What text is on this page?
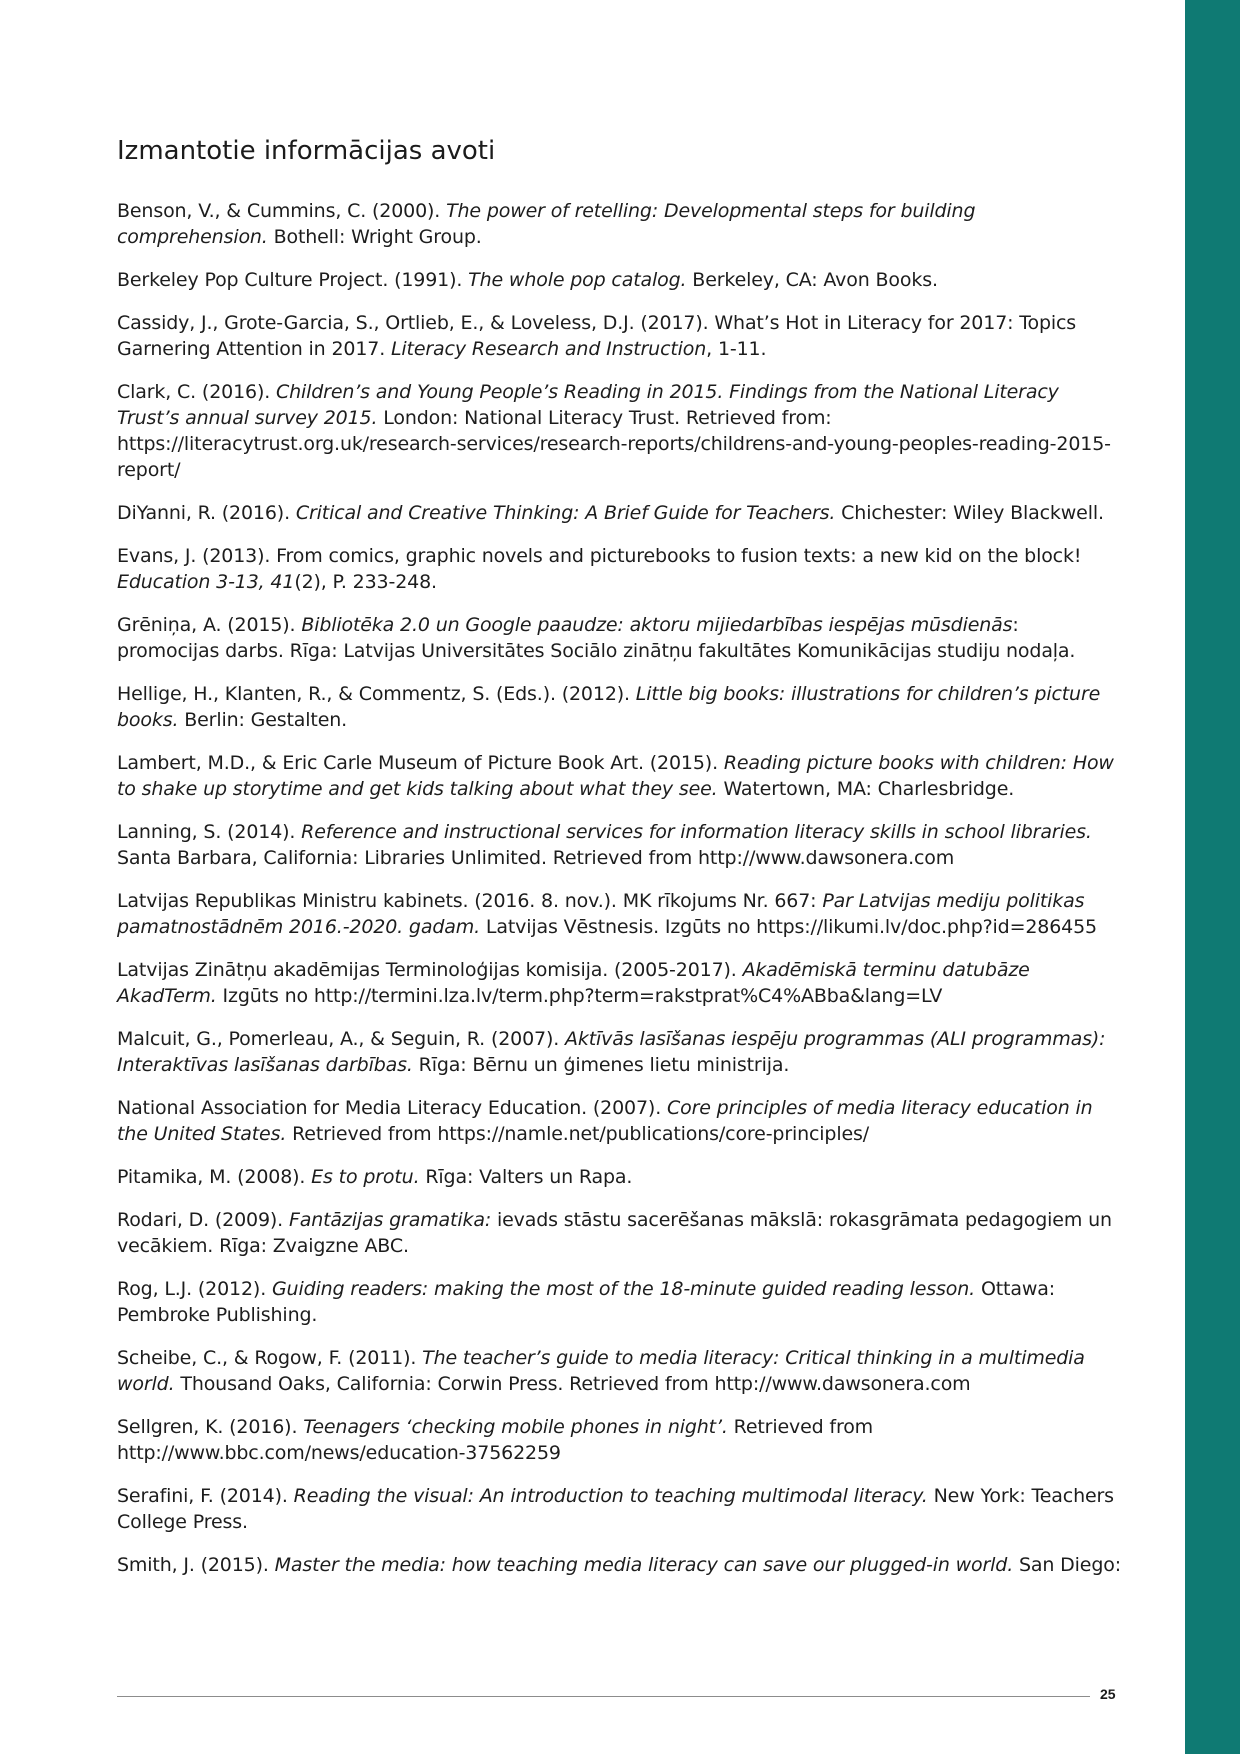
Izmantotie informācijas avoti
Benson, V., & Cummins, C. (2000). The power of retelling: Developmental steps for building comprehension. Bothell: Wright Group.
Berkeley Pop Culture Project. (1991). The whole pop catalog. Berkeley, CA: Avon Books.
Cassidy, J., Grote-Garcia, S., Ortlieb, E., & Loveless, D.J. (2017). What’s Hot in Literacy for 2017: Topics Garnering Attention in 2017. Literacy Research and Instruction, 1-11.
Clark, C. (2016). Children’s and Young People’s Reading in 2015. Findings from the National Literacy Trust’s annual survey 2015. London: National Literacy Trust. Retrieved from: https://literacytrust.org.uk/research-services/research-reports/childrens-and-young-peoples-reading-2015-report/
DiYanni, R. (2016). Critical and Creative Thinking: A Brief Guide for Teachers. Chichester: Wiley Blackwell.
Evans, J. (2013). From comics, graphic novels and picturebooks to fusion texts: a new kid on the block! Education 3-13, 41(2), P. 233-248.
Grēniņa, A. (2015). Bibliotēka 2.0 un Google paaudze: aktoru mijiedarbības iespējas mūsdienās: promocijas darbs. Rīga: Latvijas Universitātes Sociālo zinātņu fakultātes Komunikācijas studiju nodaļa.
Hellige, H., Klanten, R., & Commentz, S. (Eds.). (2012). Little big books: illustrations for children’s picture books. Berlin: Gestalten.
Lambert, M.D., & Eric Carle Museum of Picture Book Art. (2015). Reading picture books with children: How to shake up storytime and get kids talking about what they see. Watertown, MA: Charlesbridge.
Lanning, S. (2014). Reference and instructional services for information literacy skills in school libraries. Santa Barbara, California: Libraries Unlimited. Retrieved from http://www.dawsonera.com
Latvijas Republikas Ministru kabinets. (2016. 8. nov.). MK rīkojums Nr. 667: Par Latvijas mediju politikas pamatnostādnēm 2016.-2020. gadam. Latvijas Vēstnesis. Izgūts no https://likumi.lv/doc.php?id=286455
Latvijas Zinātņu akadēmijas Terminoloģijas komisija. (2005-2017). Akadēmiskā terminu datubāze AkadTerm. Izgūts no http://termini.lza.lv/term.php?term=rakstprat%C4%ABba&lang=LV
Malcuit, G., Pomerleau, A., & Seguin, R. (2007). Aktīvās lasīšanas iespēju programmas (ALI programmas): Interaktīvas lasīšanas darbības. Rīga: Bērnu un ģimenes lietu ministrija.
National Association for Media Literacy Education. (2007). Core principles of media literacy education in the United States. Retrieved from https://namle.net/publications/core-principles/
Pitamika, M. (2008). Es to protu. Rīga: Valters un Rapa.
Rodari, D. (2009). Fantāzijas gramatika: ievads stāstu sacerēšanas mākslā: rokasgrāmata pedagogiem un vecākiem. Rīga: Zvaigzne ABC.
Rog, L.J. (2012). Guiding readers: making the most of the 18-minute guided reading lesson. Ottawa: Pembroke Publishing.
Scheibe, C., & Rogow, F. (2011). The teacher’s guide to media literacy: Critical thinking in a multimedia world. Thousand Oaks, California: Corwin Press. Retrieved from http://www.dawsonera.com
Sellgren, K. (2016). Teenagers ‘checking mobile phones in night’. Retrieved from http://www.bbc.com/news/education-37562259
Serafini, F. (2014). Reading the visual: An introduction to teaching multimodal literacy. New York: Teachers College Press.
Smith, J. (2015). Master the media: how teaching media literacy can save our plugged-in world. San Diego:
25
